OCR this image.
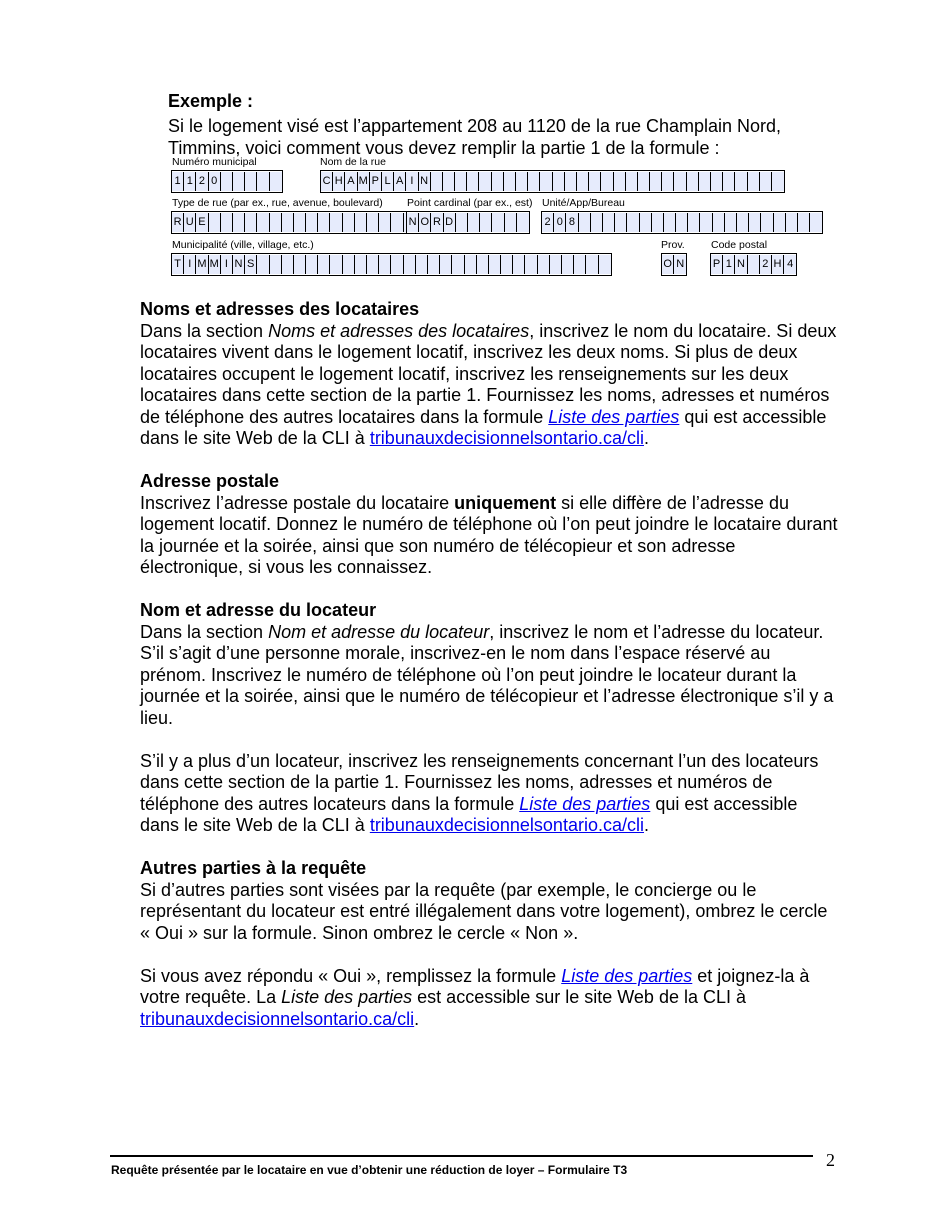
Exemple :
Si le logement visé est l’appartement 208 au 1120 de la rue Champlain Nord,
Timmins, voici comment vous devez remplir la partie 1 de la formule :
Numéro municipal
1 1 2 0
Nom de la rue
C H A M P L A I N
Type de rue (par ex., rue, avenue, boulevard)
R U E
Point cardinal (par ex., est)
N O R D
Unité/App/Bureau
2 0 8
Municipalité (ville, village, etc.)
T I M M I N S
Prov.
O N
Code postal
P 1 N 2 H 4
Noms et adresses des locataires
Dans la section Noms et adresses des locataires, inscrivez le nom du locataire. Si deux locataires vivent dans le logement locatif, inscrivez les deux noms. Si plus de deux locataires occupent le logement locatif, inscrivez les renseignements sur les deux locataires dans cette section de la partie 1. Fournissez les noms, adresses et numéros de téléphone des autres locataires dans la formule Liste des parties qui est accessible dans le site Web de la CLI à tribunauxdecisionnelsontario.ca/cli.
Adresse postale
Inscrivez l’adresse postale du locataire uniquement si elle diffère de l’adresse du logement locatif. Donnez le numéro de téléphone où l’on peut joindre le locataire durant la journée et la soirée, ainsi que son numéro de télécopieur et son adresse électronique, si vous les connaissez.
Nom et adresse du locateur
Dans la section Nom et adresse du locateur, inscrivez le nom et l’adresse du locateur. S’il s’agit d’une personne morale, inscrivez-en le nom dans l’espace réservé au prénom. Inscrivez le numéro de téléphone où l’on peut joindre le locateur durant la journée et la soirée, ainsi que le numéro de télécopieur et l’adresse électronique s’il y a lieu.
S’il y a plus d’un locateur, inscrivez les renseignements concernant l’un des locateurs dans cette section de la partie 1. Fournissez les noms, adresses et numéros de téléphone des autres locateurs dans la formule Liste des parties qui est accessible dans le site Web de la CLI à tribunauxdecisionnelsontario.ca/cli.
Autres parties à la requête
Si d’autres parties sont visées par la requête (par exemple, le concierge ou le représentant du locateur est entré illégalement dans votre logement), ombrez le cercle « Oui » sur la formule. Sinon ombrez le cercle « Non ».
Si vous avez répondu « Oui », remplissez la formule Liste des parties et joignez-la à votre requête. La Liste des parties est accessible sur le site Web de la CLI à tribunauxdecisionnelsontario.ca/cli.
Requête présentée par le locataire en vue d’obtenir une réduction de loyer – Formulaire T3	2
